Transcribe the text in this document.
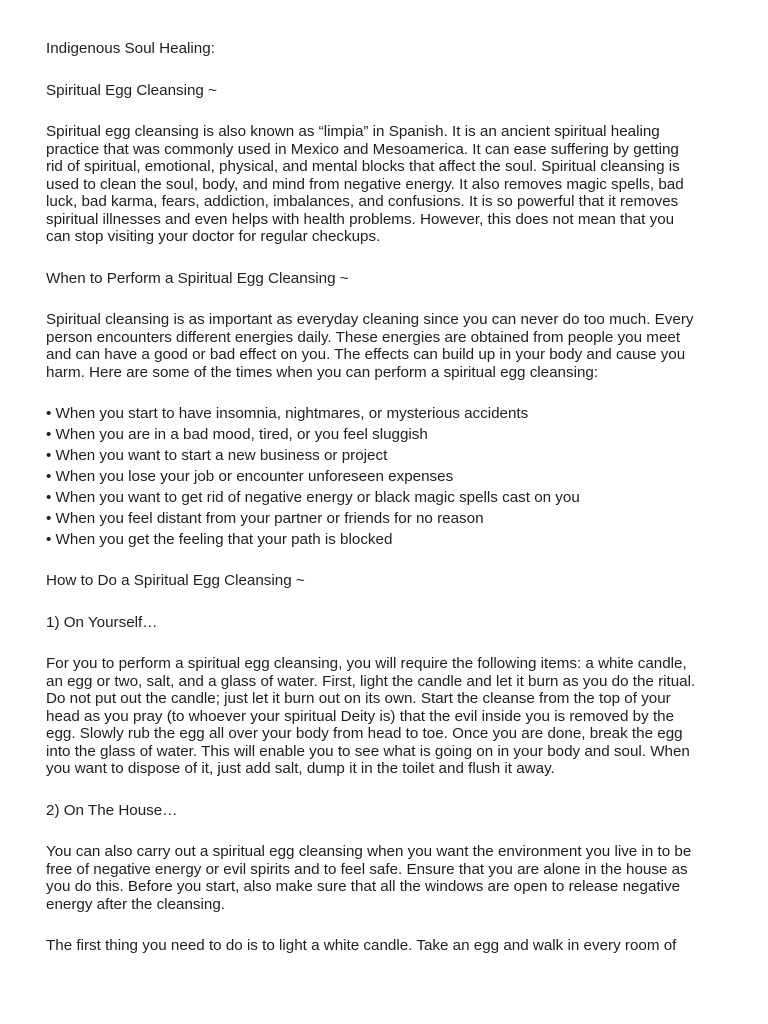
Indigenous Soul Healing:

Spiritual Egg Cleansing ~

Spiritual egg cleansing is also known as “limpia” in Spanish. It is an ancient spiritual healing

practice that was commonly used in Mexico and Mesoamerica. It can ease suffering by getting

rid of spiritual, emotional, physical, and mental blocks that affect the soul. Spiritual cleansing is

used to clean the soul, body, and mind from negative energy. It also removes magic spells, bad

luck, bad karma, fears, addiction, imbalances, and confusions. It is so powerful that it removes

spiritual illnesses and even helps with health problems. However, this does not mean that you

can stop visiting your doctor for regular checkups.

When to Perform a Spiritual Egg Cleansing ~

Spiritual cleansing is as important as everyday cleaning since you can never do too much. Every

person encounters different energies daily. These energies are obtained from people you meet

and can have a good or bad effect on you. The effects can build up in your body and cause you

harm. Here are some of the times when you can perform a spiritual egg cleansing:

• When you start to have insomnia, nightmares, or mysterious accidents
• When you are in a bad mood, tired, or you feel sluggish
• When you want to start a new business or project
• When you lose your job or encounter unforeseen expenses
• When you want to get rid of negative energy or black magic spells cast on you
• When you feel distant from your partner or friends for no reason
• When you get the feeling that your path is blocked

How to Do a Spiritual Egg Cleansing ~

1) On Yourself…

For you to perform a spiritual egg cleansing, you will require the following items: a white candle,

an egg or two, salt, and a glass of water. First, light the candle and let it burn as you do the ritual.

Do not put out the candle; just let it burn out on its own. Start the cleanse from the top of your

head as you pray (to whoever your spiritual Deity is) that the evil inside you is removed by the

egg. Slowly rub the egg all over your body from head to toe. Once you are done, break the egg

into the glass of water. This will enable you to see what is going on in your body and soul. When

you want to dispose of it, just add salt, dump it in the toilet and flush it away.

2) On The House…

You can also carry out a spiritual egg cleansing when you want the environment you live in to be

free of negative energy or evil spirits and to feel safe. Ensure that you are alone in the house as

you do this. Before you start, also make sure that all the windows are open to release negative

energy after the cleansing.

The first thing you need to do is to light a white candle. Take an egg and walk in every room of
